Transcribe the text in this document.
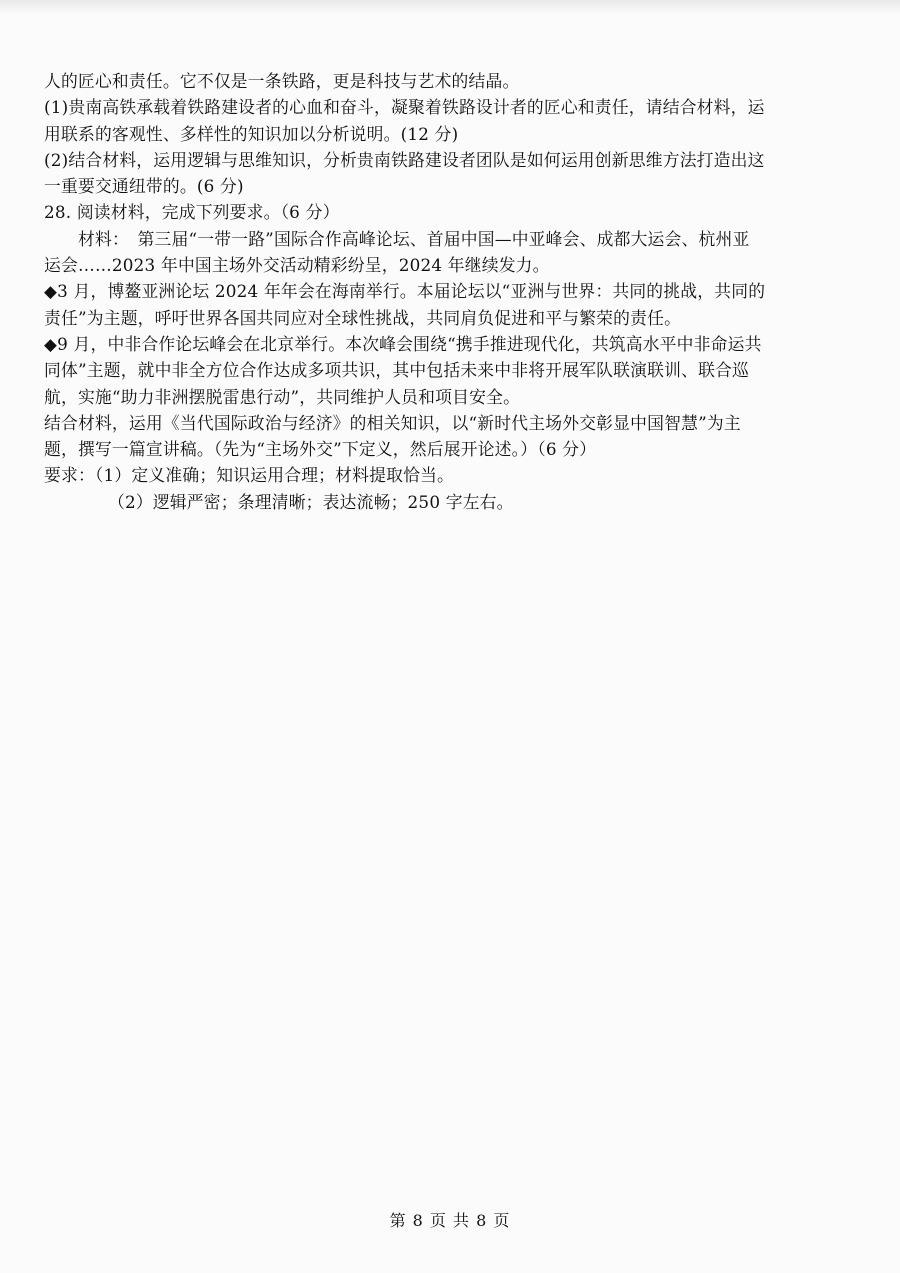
人的匠心和责任。它不仅是一条铁路，更是科技与艺术的结晶。

(1)贵南高铁承载着铁路建设者的心血和奋斗，凝聚着铁路设计者的匠心和责任，请结合材料，运

用联系的客观性、多样性的知识加以分析说明。(12 分)

(2)结合材料，运用逻辑与思维知识，分析贵南铁路建设者团队是如何运用创新思维方法打造出这

一重要交通纽带的。(6 分)

28. 阅读材料，完成下列要求。（6 分）

材料：　第三届“一带一路”国际合作高峰论坛、首届中国—中亚峰会、成都大运会、杭州亚

运会……2023 年中国主场外交活动精彩纷呈，2024 年继续发力。

◆3 月，博鳌亚洲论坛 2024 年年会在海南举行。本届论坛以“亚洲与世界：共同的挑战，共同的

责任”为主题，呼吁世界各国共同应对全球性挑战，共同肩负促进和平与繁荣的责任。

◆9 月，中非合作论坛峰会在北京举行。本次峰会围绕“携手推进现代化，共筑高水平中非命运共

同体”主题，就中非全方位合作达成多项共识，其中包括未来中非将开展军队联演联训、联合巡

航，实施“助力非洲摆脱雷患行动”，共同维护人员和项目安全。

结合材料，运用《当代国际政治与经济》的相关知识，以“新时代主场外交彰显中国智慧”为主

题，撰写一篇宣讲稿。（先为“主场外交”下定义，然后展开论述。）（6 分）

要求：（1）定义准确；知识运用合理；材料提取恰当。

（2）逻辑严密；条理清晰；表达流畅；250 字左右。

第 8 页 共 8 页
